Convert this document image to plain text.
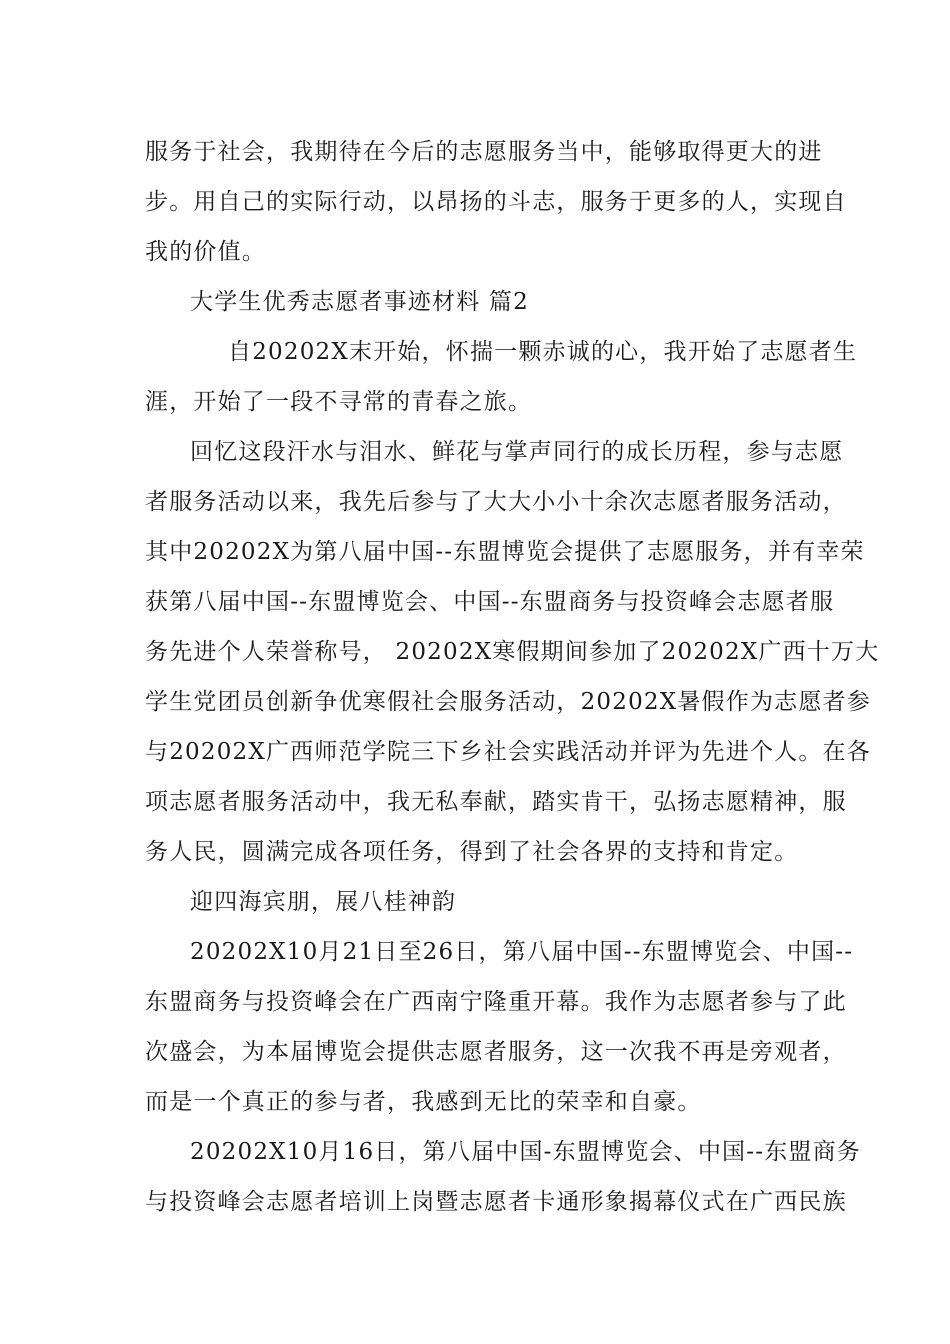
服务于社会，我期待在今后的志愿服务当中，能够取得更大的进
步。用自己的实际行动，以昂扬的斗志，服务于更多的人，实现自
我的价值。
大学生优秀志愿者事迹材料 篇2
自20202X末开始，怀揣一颗赤诚的心，我开始了志愿者生
涯，开始了一段不寻常的青春之旅。
回忆这段汗水与泪水、鲜花与掌声同行的成长历程，参与志愿
者服务活动以来，我先后参与了大大小小十余次志愿者服务活动，
其中20202X为第八届中国--东盟博览会提供了志愿服务，并有幸荣
获第八届中国--东盟博览会、中国--东盟商务与投资峰会志愿者服
务先进个人荣誉称号， 20202X寒假期间参加了20202X广西十万大
学生党团员创新争优寒假社会服务活动，20202X暑假作为志愿者参
与20202X广西师范学院三下乡社会实践活动并评为先进个人。在各
项志愿者服务活动中，我无私奉献，踏实肯干，弘扬志愿精神，服
务人民，圆满完成各项任务，得到了社会各界的支持和肯定。
迎四海宾朋，展八桂神韵
20202X10月21日至26日，第八届中国--东盟博览会、中国--
东盟商务与投资峰会在广西南宁隆重开幕。我作为志愿者参与了此
次盛会，为本届博览会提供志愿者服务，这一次我不再是旁观者，
而是一个真正的参与者，我感到无比的荣幸和自豪。
20202X10月16日，第八届中国-东盟博览会、中国--东盟商务
与投资峰会志愿者培训上岗暨志愿者卡通形象揭幕仪式在广西民族
